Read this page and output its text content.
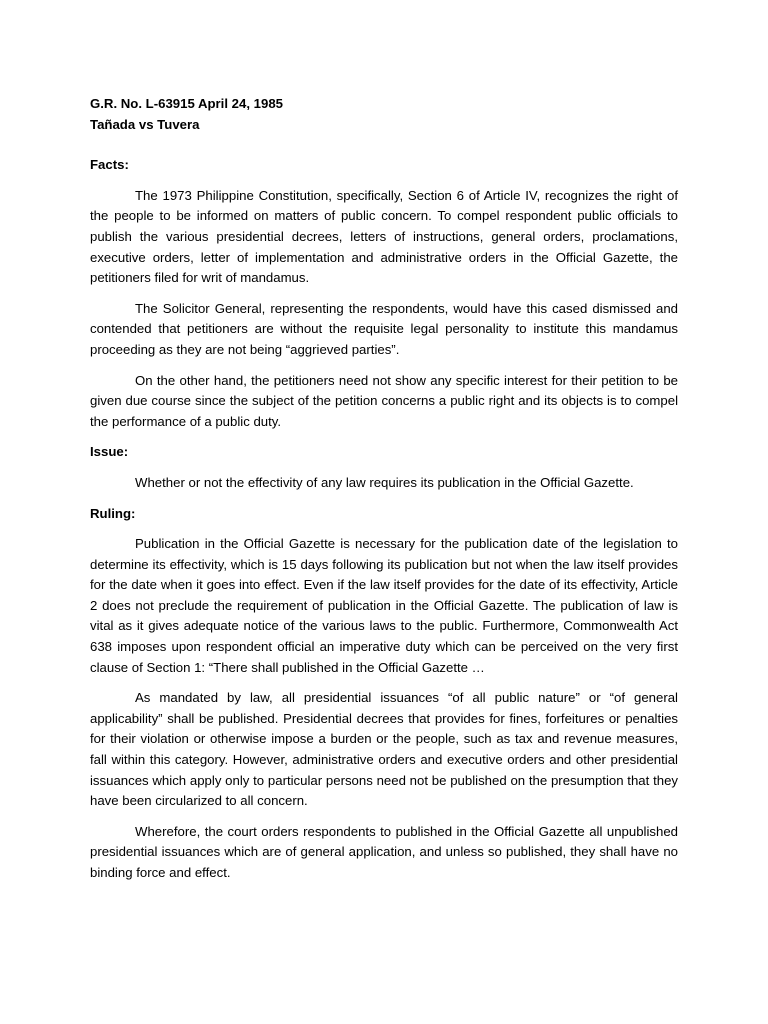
G.R. No. L-63915 April 24, 1985
Tañada vs Tuvera
Facts:

The 1973 Philippine Constitution, specifically, Section 6 of Article IV, recognizes the right of the people to be informed on matters of public concern. To compel respondent public officials to publish the various presidential decrees, letters of instructions, general orders, proclamations, executive orders, letter of implementation and administrative orders in the Official Gazette, the petitioners filed for writ of mandamus.

The Solicitor General, representing the respondents, would have this cased dismissed and contended that petitioners are without the requisite legal personality to institute this mandamus proceeding as they are not being “aggrieved parties”.

On the other hand, the petitioners need not show any specific interest for their petition to be given due course since the subject of the petition concerns a public right and its objects is to compel the performance of a public duty.

Issue:

Whether or not the effectivity of any law requires its publication in the Official Gazette.

Ruling:

Publication in the Official Gazette is necessary for the publication date of the legislation to determine its effectivity, which is 15 days following its publication but not when the law itself provides for the date when it goes into effect. Even if the law itself provides for the date of its effectivity, Article 2 does not preclude the requirement of publication in the Official Gazette. The publication of law is vital as it gives adequate notice of the various laws to the public. Furthermore, Commonwealth Act 638 imposes upon respondent official an imperative duty which can be perceived on the very first clause of Section 1: “There shall published in the Official Gazette …

As mandated by law, all presidential issuances “of all public nature” or “of general applicability” shall be published. Presidential decrees that provides for fines, forfeitures or penalties for their violation or otherwise impose a burden or the people, such as tax and revenue measures, fall within this category. However, administrative orders and executive orders and other presidential issuances which apply only to particular persons need not be published on the presumption that they have been circularized to all concern.

Wherefore, the court orders respondents to published in the Official Gazette all unpublished presidential issuances which are of general application, and unless so published, they shall have no binding force and effect.
